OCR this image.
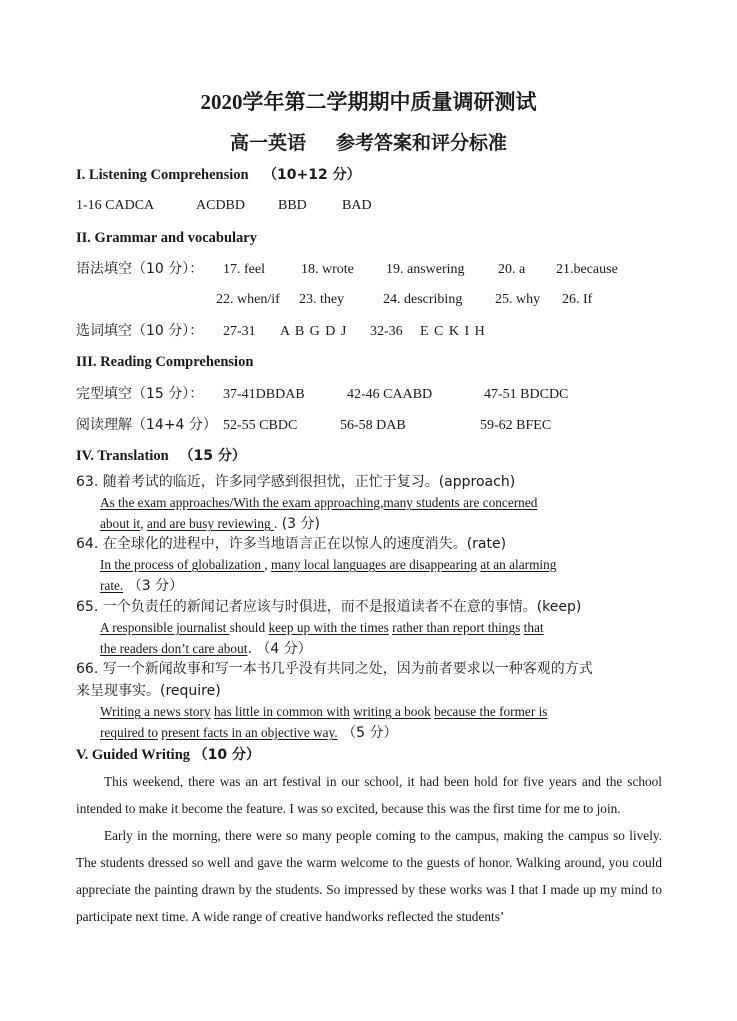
2020学年第二学期期中质量调研测试
高一英语 参考答案和评分标准
I. Listening Comprehension （10+12 分）
1-16 CADCA	ACDBD BBD	BAD
II. Grammar and vocabulary
语法填空（10 分）： 17. feel	18. wrote 19. answering 20. a 21.because
22. when/if 23. they	24. describing 25. why 26. If
选词填空（10 分）： 27-31 A B G D J 32-36 E C K I H
III. Reading Comprehension
完型填空（15 分）： 37-41DBDAB	42-46 CAABD	47-51 BDCDC
阅读理解（14+4 分） 52-55 CBDC	56-58 DAB	59-62 BFEC
IV. Translation （15 分）
63. 随着考试的临近，许多同学感到很担忧，正忙于复习。(approach)
As the exam approaches/With the exam approaching,many students are concerned
about it, and are busy reviewing . (3 分)
64. 在全球化的进程中，许多当地语言正在以惊人的速度消失。(rate)
In the process of globalization , many local languages are disappearing at an alarming
rate. （3 分）
65. 一个负责任的新闻记者应该与时俱进，而不是报道读者不在意的事情。(keep)
A responsible journalist should keep up with the times rather than report things that
the readers don’t care about. （4 分）
66. 写一个新闻故事和写一本书几乎没有共同之处，因为前者要求以一种客观的方式
来呈现事实。(require)
Writing a news story has little in common with writing a book because the former is
required to present facts in an objective way. （5 分）
V. Guided Writing （10 分）
This weekend, there was an art festival in our school, it had been hold for five years and the school intended to make it become the feature. I was so excited, because this was the first time for me to join.
Early in the morning, there were so many people coming to the campus, making the campus so lively. The students dressed so well and gave the warm welcome to the guests of honor. Walking around, you could appreciate the painting drawn by the students. So impressed by these works was I that I made up my mind to participate next time. A wide range of creative handworks reflected the students’
